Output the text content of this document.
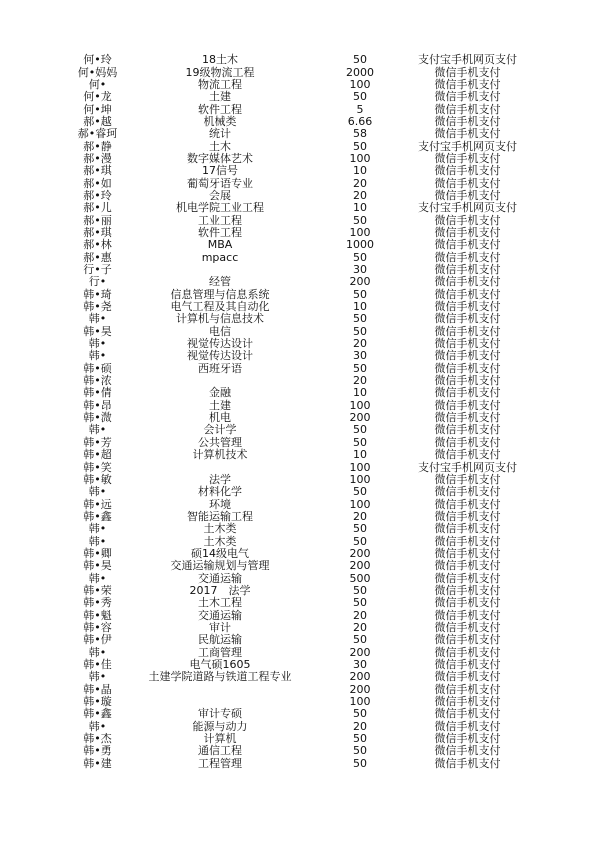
何•玲	18土木	50	支付宝手机网页支付
何•妈妈	19级物流工程	2000	微信手机支付
何•	物流工程	100	微信手机支付
何•龙	土建	50	微信手机支付
何•坤	软件工程	5	微信手机支付
郝•越	机械类	6.66	微信手机支付
郝•睿珂	统计	58	微信手机支付
郝•静	土木	50	支付宝手机网页支付
郝•漫	数字媒体艺术	100	微信手机支付
郝•琪	17信号	10	微信手机支付
郝•如	葡萄牙语专业	20	微信手机支付
郝•玲	会展	20	微信手机支付
郝•儿	机电学院工业工程	10	支付宝手机网页支付
郝•丽	工业工程	50	微信手机支付
郝•琪	软件工程	100	微信手机支付
郝•林	MBA	1000	微信手机支付
郝•惠	mpacc	50	微信手机支付
行•子		30	微信手机支付
行•	经管	200	微信手机支付
韩•琦	信息管理与信息系统	50	微信手机支付
韩•尧	电气工程及其自动化	10	微信手机支付
韩•	计算机与信息技术	50	微信手机支付
韩•昊	电信	50	微信手机支付
韩•	视觉传达设计	20	微信手机支付
韩•	视觉传达设计	30	微信手机支付
韩•硕	西班牙语	50	微信手机支付
韩•浓		20	微信手机支付
韩•倩	金融	10	微信手机支付
韩•昂	土建	100	微信手机支付
韩•溦	机电	200	微信手机支付
韩•	会计学	50	微信手机支付
韩•芳	公共管理	50	微信手机支付
韩•超	计算机技术	10	微信手机支付
韩•笑		100	支付宝手机网页支付
韩•敏	法学	100	微信手机支付
韩•	材料化学	50	微信手机支付
韩•远	环境	100	微信手机支付
韩•鑫	智能运输工程	20	微信手机支付
韩•	土木类	50	微信手机支付
韩•	土木类	50	微信手机支付
韩•卿	硕14级电气	200	微信手机支付
韩•昊	交通运输规划与管理	200	微信手机支付
韩•	交通运输	500	微信手机支付
韩•荣	2017　法学	50	微信手机支付
韩•秀	土木工程	50	微信手机支付
韩•魁	交通运输	20	微信手机支付
韩•容	审计	20	微信手机支付
韩•伊	民航运输	50	微信手机支付
韩•	工商管理	200	微信手机支付
韩•佳	电气硕1605	30	微信手机支付
韩•	土建学院道路与铁道工程专业	200	微信手机支付
韩•晶		200	微信手机支付
韩•璇		100	微信手机支付
韩•鑫	审计专硕	50	微信手机支付
韩•	能源与动力	20	微信手机支付
韩•杰	计算机	50	微信手机支付
韩•勇	通信工程	50	微信手机支付
韩•建	工程管理	50	微信手机支付
